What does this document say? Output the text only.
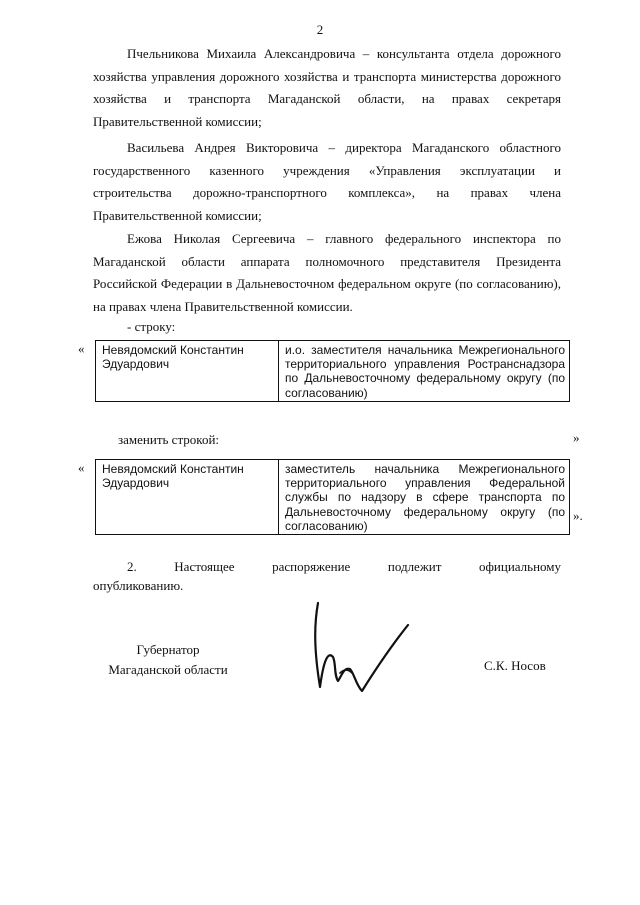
2

Пчельникова Михаила Александровича – консультанта отдела дорожного хозяйства управления дорожного хозяйства и транспорта министерства дорожного хозяйства и транспорта Магаданской области, на правах секретаря Правительственной комиссии;

Васильева Андрея Викторовича – директора Магаданского областного государственного казенного учреждения «Управления эксплуатации и строительства дорожно-транспортного комплекса», на правах члена Правительственной комиссии;

Ежова Николая Сергеевича – главного федерального инспектора по Магаданской области аппарата полномочного представителя Президента Российской Федерации в Дальневосточном федеральном округе (по согласованию), на правах члена Правительственной комиссии.

- строку:
« Невядомский Константин Эдуардович	и.о. заместителя начальника Межрегионального территориального управления Ространснадзора по Дальневосточному федеральному округу (по согласованию)
»
заменить строкой:
« Невядомский Константин Эдуардович	заместитель начальника Межрегионального территориального управления Федеральной службы по надзору в сфере транспорта по Дальневосточному федеральному округу (по согласованию)
».
2.	Настоящее	распоряжение	подлежит	официальному
опубликованию.
Губернатор
Магаданской области	С.К. Носов
